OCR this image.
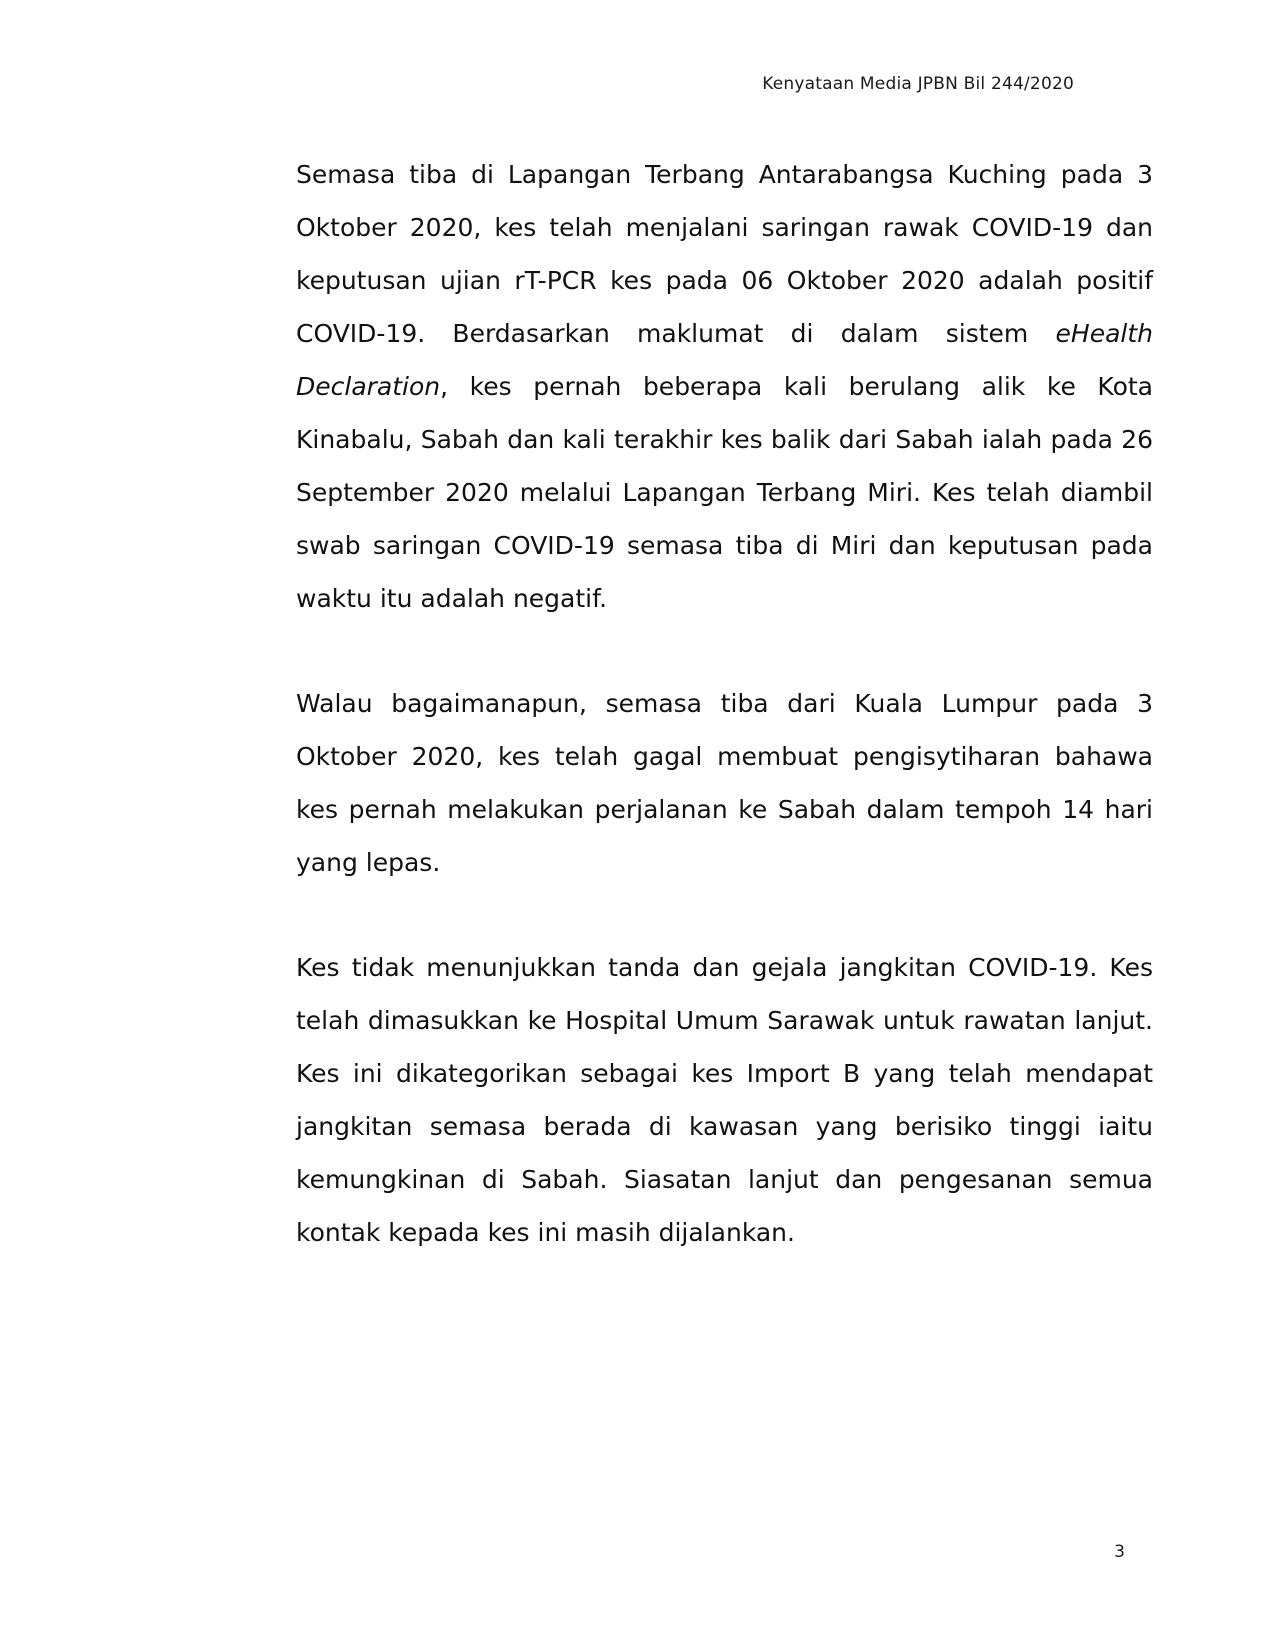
Kenyataan Media JPBN Bil 244/2020

Semasa tiba di Lapangan Terbang Antarabangsa Kuching pada 3 Oktober 2020, kes telah menjalani saringan rawak COVID-19 dan keputusan ujian rT-PCR kes pada 06 Oktober 2020 adalah positif COVID-19. Berdasarkan maklumat di dalam sistem eHealth Declaration, kes pernah beberapa kali berulang alik ke Kota Kinabalu, Sabah dan kali terakhir kes balik dari Sabah ialah pada 26 September 2020 melalui Lapangan Terbang Miri. Kes telah diambil swab saringan COVID-19 semasa tiba di Miri dan keputusan pada waktu itu adalah negatif.

Walau bagaimanapun, semasa tiba dari Kuala Lumpur pada 3 Oktober 2020, kes telah gagal membuat pengisytiharan bahawa kes pernah melakukan perjalanan ke Sabah dalam tempoh 14 hari yang lepas.

Kes tidak menunjukkan tanda dan gejala jangkitan COVID-19. Kes telah dimasukkan ke Hospital Umum Sarawak untuk rawatan lanjut. Kes ini dikategorikan sebagai kes Import B yang telah mendapat jangkitan semasa berada di kawasan yang berisiko tinggi iaitu kemungkinan di Sabah. Siasatan lanjut dan pengesanan semua kontak kepada kes ini masih dijalankan.

3
